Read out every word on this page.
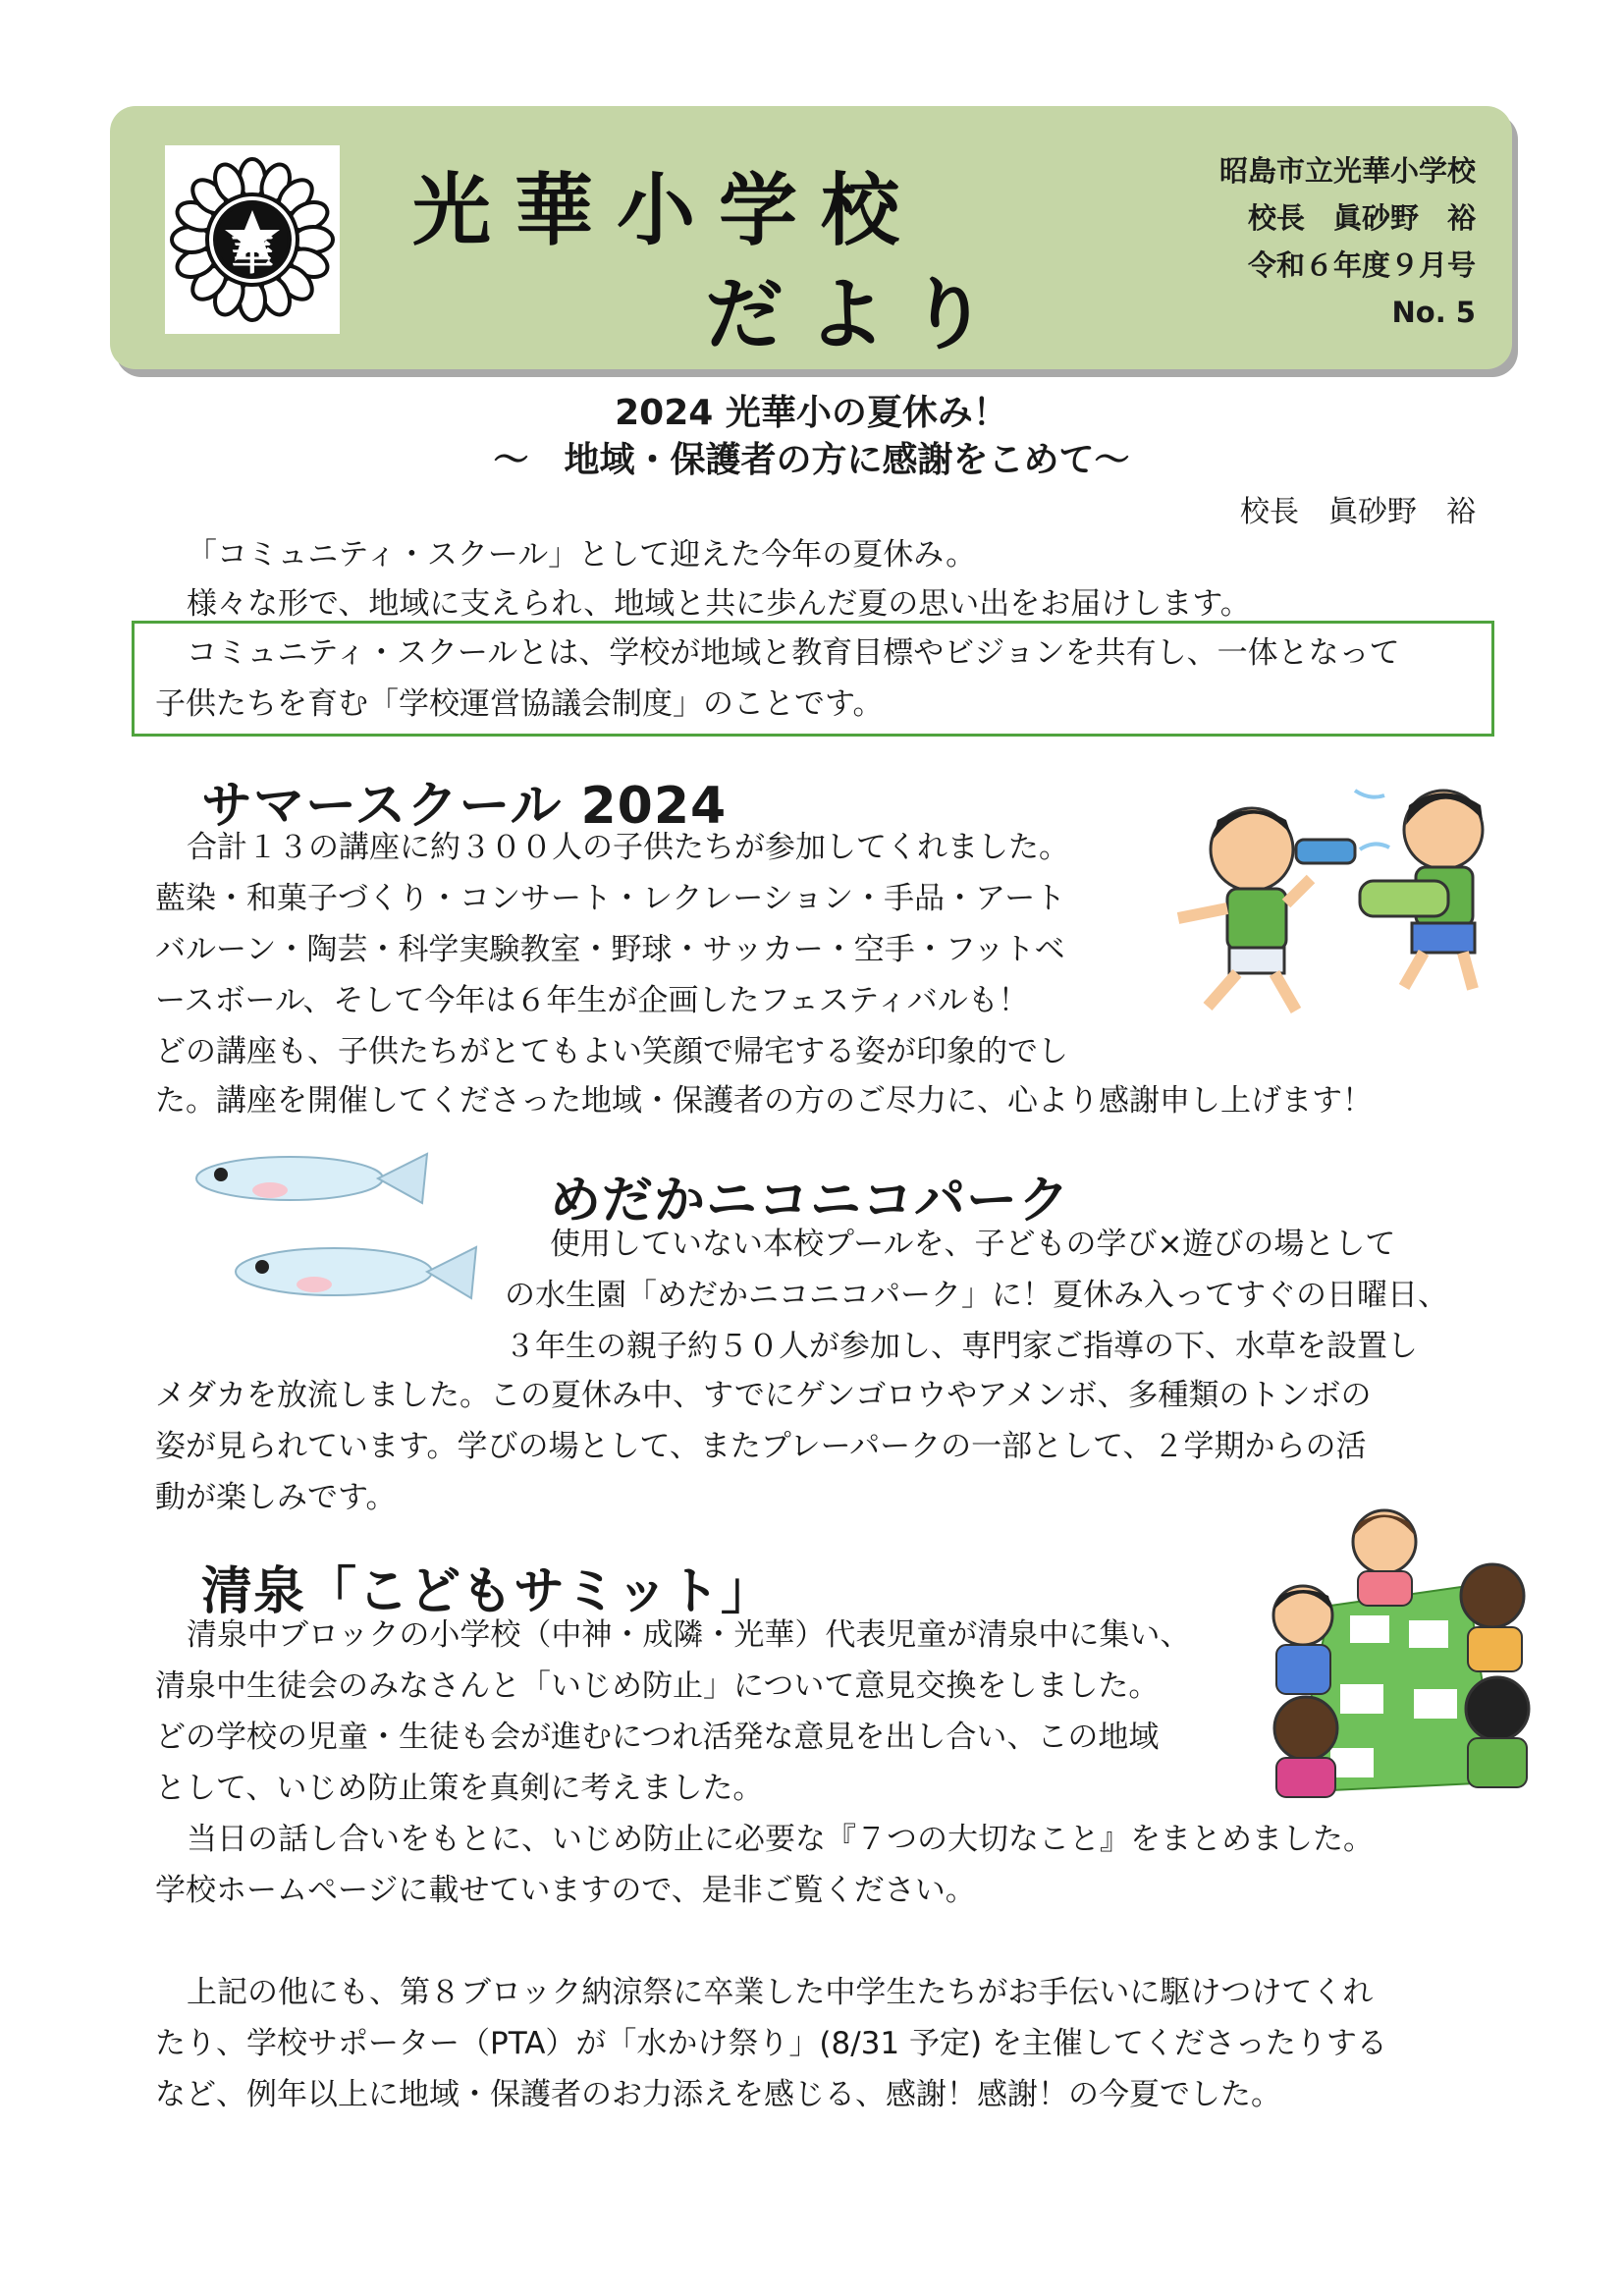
華 光華小学校
だより
昭島市立光華小学校
校長　眞砂野　裕
令和６年度９月号
No. 5
2024 光華小の夏休み！
～　地域・保護者の方に感謝をこめて～
校長　眞砂野　裕
「コミュニティ・スクール」として迎えた今年の夏休み。
様々な形で、地域に支えられ、地域と共に歩んだ夏の思い出をお届けします。
コミュニティ・スクールとは、学校が地域と教育目標やビジョンを共有し、一体となって
子供たちを育む「学校運営協議会制度」のことです。
サマースクール 2024
合計１３の講座に約３００人の子供たちが参加してくれました。
藍染・和菓子づくり・コンサート・レクレーション・手品・アート
バルーン・陶芸・科学実験教室・野球・サッカー・空手・フットベ
ースボール、そして今年は６年生が企画したフェスティバルも！
どの講座も、子供たちがとてもよい笑顔で帰宅する姿が印象的でし
た。講座を開催してくださった地域・保護者の方のご尽力に、心より感謝申し上げます！
めだかニコニコパーク
使用していない本校プールを、子どもの学び×遊びの場として
の水生園「めだかニコニコパーク」に！夏休み入ってすぐの日曜日、
３年生の親子約５０人が参加し、専門家ご指導の下、水草を設置し
メダカを放流しました。この夏休み中、すでにゲンゴロウやアメンボ、多種類のトンボの
姿が見られています。学びの場として、またプレーパークの一部として、２学期からの活
動が楽しみです。
清泉「こどもサミット」
清泉中ブロックの小学校（中神・成隣・光華）代表児童が清泉中に集い、
清泉中生徒会のみなさんと「いじめ防止」について意見交換をしました。
どの学校の児童・生徒も会が進むにつれ活発な意見を出し合い、この地域
として、いじめ防止策を真剣に考えました。
当日の話し合いをもとに、いじめ防止に必要な『７つの大切なこと』をまとめました。
学校ホームページに載せていますので、是非ご覧ください。
上記の他にも、第８ブロック納涼祭に卒業した中学生たちがお手伝いに駆けつけてくれ
たり、学校サポーター（PTA）が「水かけ祭り」(8/31 予定) を主催してくださったりする
など、例年以上に地域・保護者のお力添えを感じる、感謝！感謝！の今夏でした。
